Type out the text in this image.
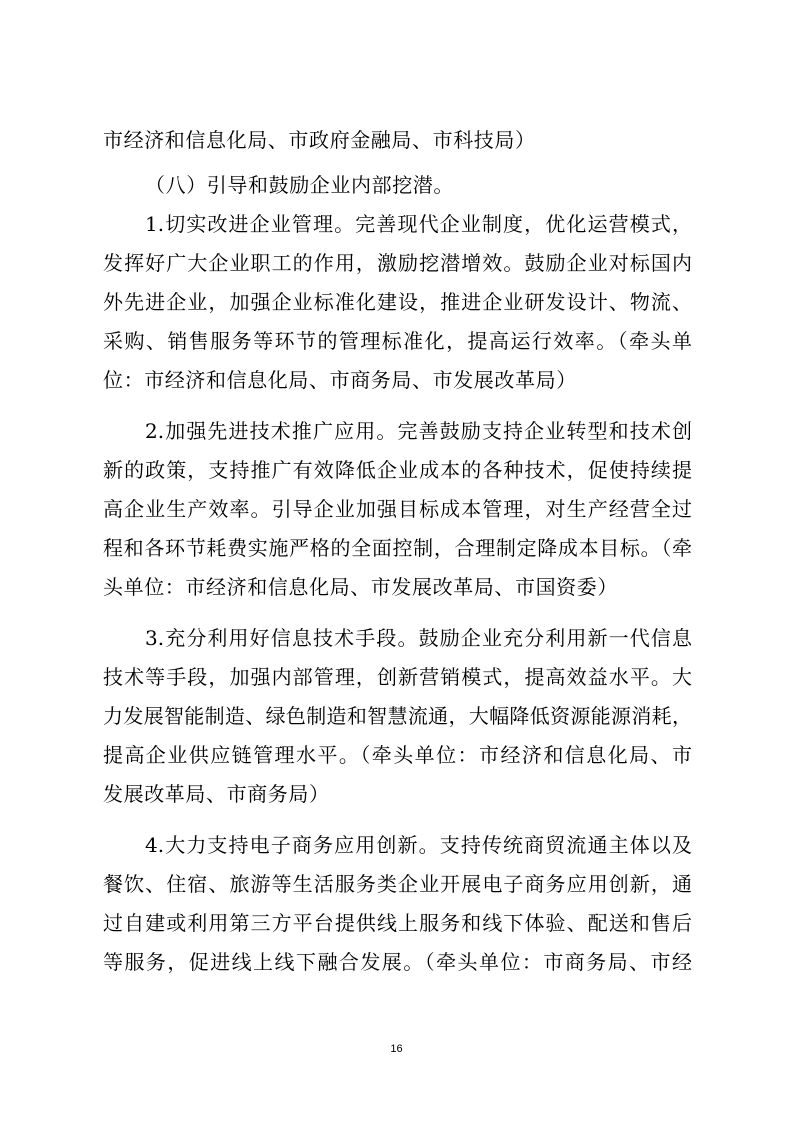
市经济和信息化局、市政府金融局、市科技局）
（八）引导和鼓励企业内部挖潜。
1.切实改进企业管理。完善现代企业制度，优化运营模式，
发挥好广大企业职工的作用，激励挖潜增效。鼓励企业对标国内
外先进企业，加强企业标准化建设，推进企业研发设计、物流、
采购、销售服务等环节的管理标准化，提高运行效率。（牵头单
位：市经济和信息化局、市商务局、市发展改革局）
2.加强先进技术推广应用。完善鼓励支持企业转型和技术创
新的政策，支持推广有效降低企业成本的各种技术，促使持续提
高企业生产效率。引导企业加强目标成本管理，对生产经营全过
程和各环节耗费实施严格的全面控制，合理制定降成本目标。（牵
头单位：市经济和信息化局、市发展改革局、市国资委）
3.充分利用好信息技术手段。鼓励企业充分利用新一代信息
技术等手段，加强内部管理，创新营销模式，提高效益水平。大
力发展智能制造、绿色制造和智慧流通，大幅降低资源能源消耗，
提高企业供应链管理水平。（牵头单位：市经济和信息化局、市
发展改革局、市商务局）
4.大力支持电子商务应用创新。支持传统商贸流通主体以及
餐饮、住宿、旅游等生活服务类企业开展电子商务应用创新，通
过自建或利用第三方平台提供线上服务和线下体验、配送和售后
等服务，促进线上线下融合发展。（牵头单位：市商务局、市经
16
